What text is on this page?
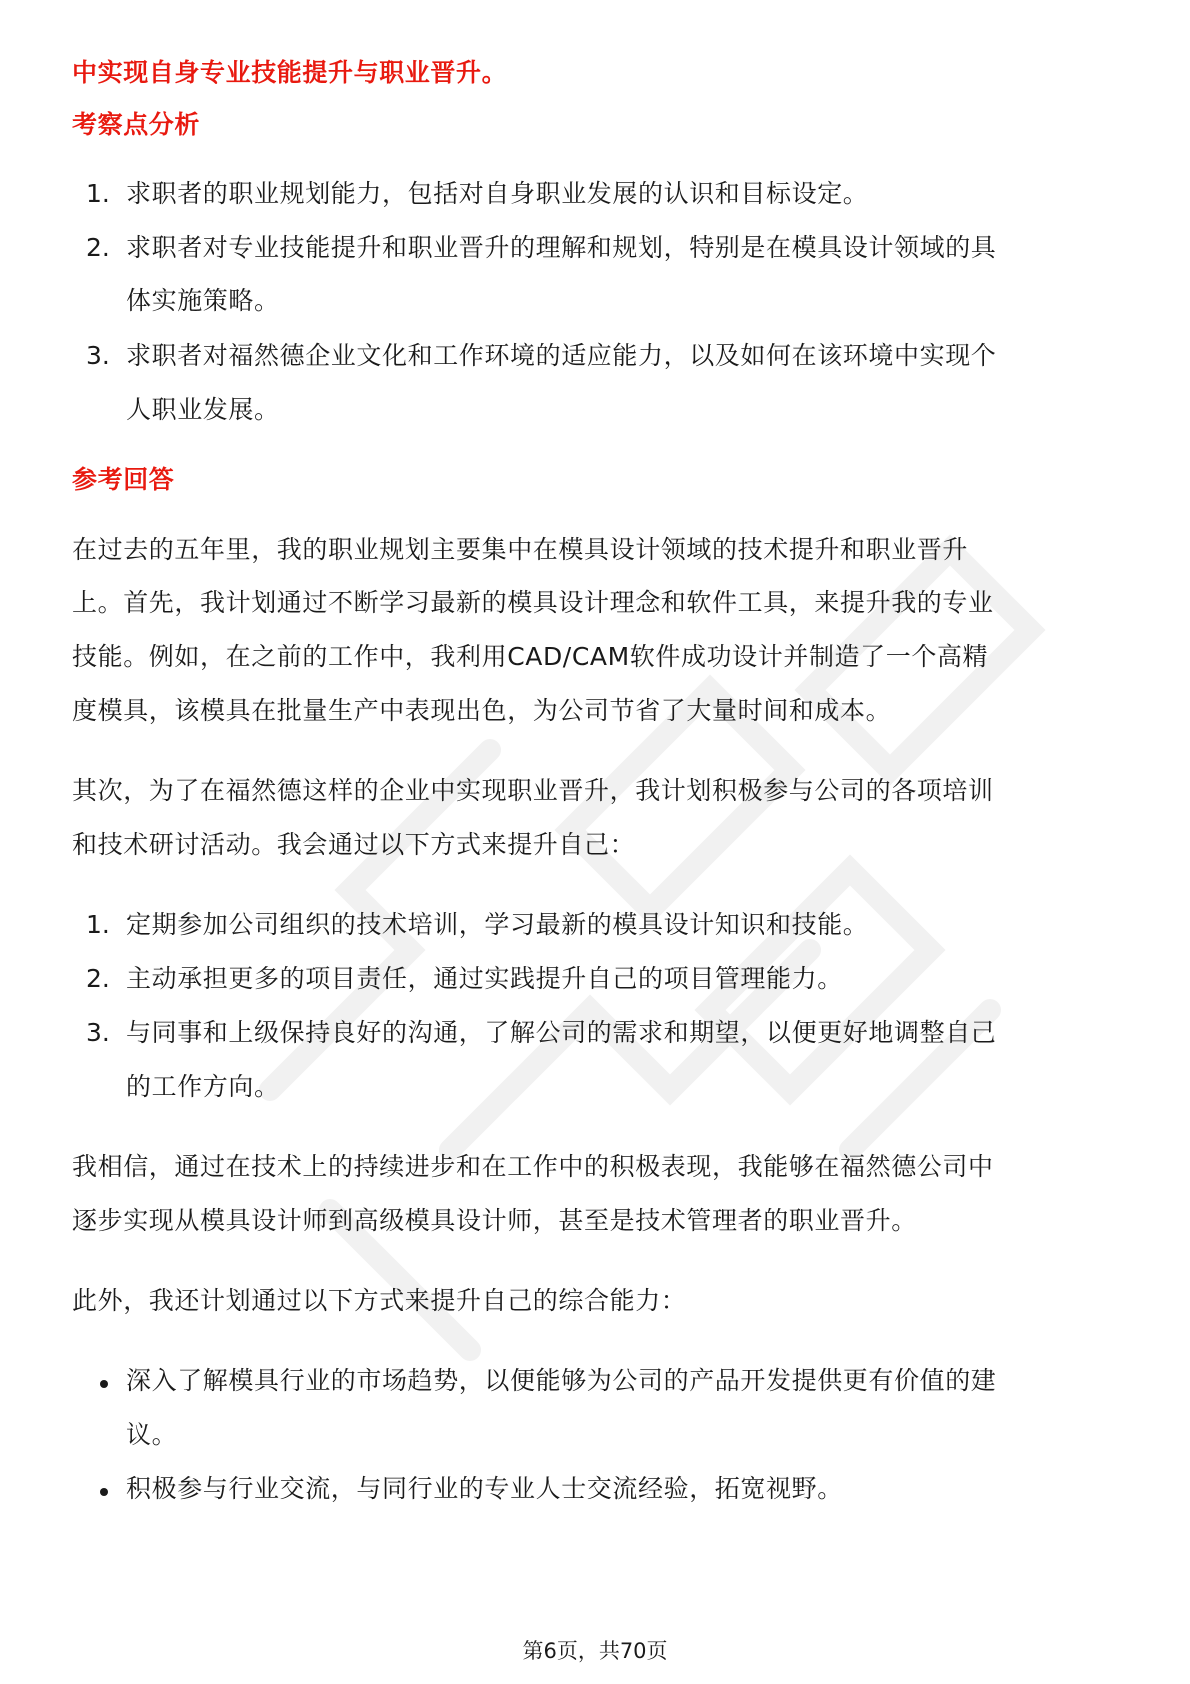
中实现自身专业技能提升与职业晋升。
考察点分析
1. 求职者的职业规划能力，包括对自身职业发展的认识和目标设定。
2. 求职者对专业技能提升和职业晋升的理解和规划，特别是在模具设计领域的具
体实施策略。
3. 求职者对福然德企业文化和工作环境的适应能力，以及如何在该环境中实现个
人职业发展。
参考回答
在过去的五年里，我的职业规划主要集中在模具设计领域的技术提升和职业晋升
上。首先，我计划通过不断学习最新的模具设计理念和软件工具，来提升我的专业
技能。例如，在之前的工作中，我利用CAD/CAM软件成功设计并制造了一个高精
度模具，该模具在批量生产中表现出色，为公司节省了大量时间和成本。
其次，为了在福然德这样的企业中实现职业晋升，我计划积极参与公司的各项培训
和技术研讨活动。我会通过以下方式来提升自己：
1. 定期参加公司组织的技术培训，学习最新的模具设计知识和技能。
2. 主动承担更多的项目责任，通过实践提升自己的项目管理能力。
3. 与同事和上级保持良好的沟通，了解公司的需求和期望，以便更好地调整自己
的工作方向。
我相信，通过在技术上的持续进步和在工作中的积极表现，我能够在福然德公司中
逐步实现从模具设计师到高级模具设计师，甚至是技术管理者的职业晋升。
此外，我还计划通过以下方式来提升自己的综合能力：
深入了解模具行业的市场趋势，以便能够为公司的产品开发提供更有价值的建
议。
积极参与行业交流，与同行业的专业人士交流经验，拓宽视野。
第6页，共70页
